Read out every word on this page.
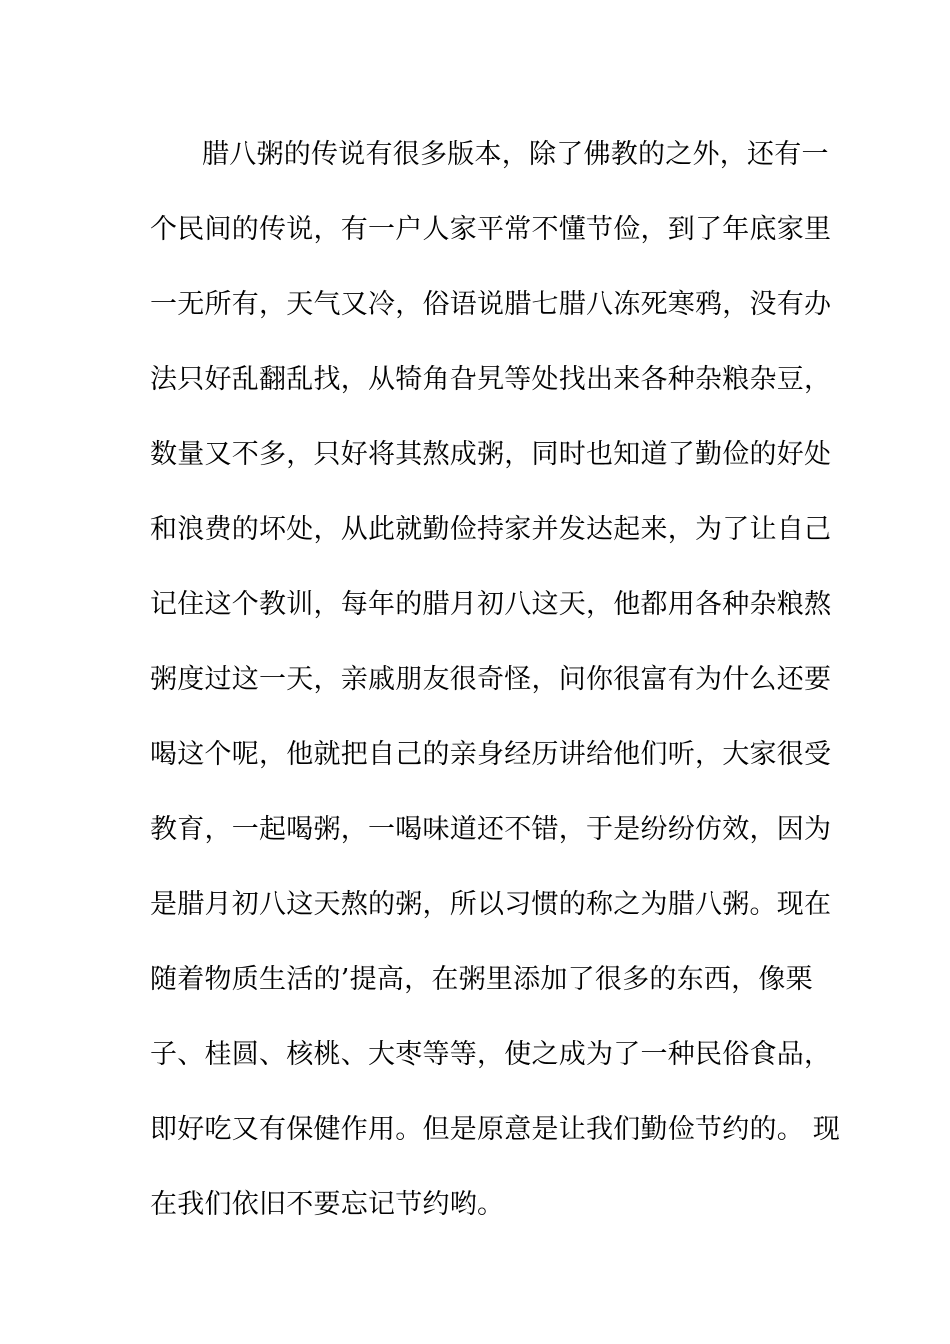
腊八粥的传说有很多版本，除了佛教的之外，还有一
个民间的传说，有一户人家平常不懂节俭，到了年底家里
一无所有，天气又冷，俗语说腊七腊八冻死寒鸦，没有办
法只好乱翻乱找，从犄角旮旯等处找出来各种杂粮杂豆，
数量又不多，只好将其熬成粥，同时也知道了勤俭的好处
和浪费的坏处，从此就勤俭持家并发达起来，为了让自己
记住这个教训，每年的腊月初八这天，他都用各种杂粮熬
粥度过这一天，亲戚朋友很奇怪，问你很富有为什么还要
喝这个呢，他就把自己的亲身经历讲给他们听，大家很受
教育，一起喝粥，一喝味道还不错，于是纷纷仿效，因为
是腊月初八这天熬的粥，所以习惯的称之为腊八粥。现在
随着物质生活的’提高，在粥里添加了很多的东西，像栗
子、桂圆、核桃、大枣等等，使之成为了一种民俗食品，
即好吃又有保健作用。但是原意是让我们勤俭节约的。 现
在我们依旧不要忘记节约哟。
